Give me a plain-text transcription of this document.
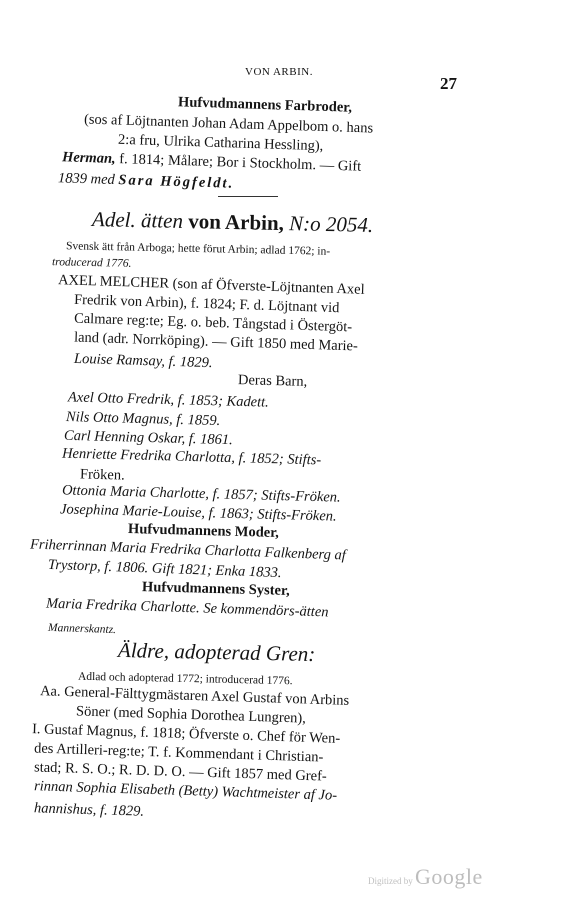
VON ARBIN.
27
Hufvudmannens Farbroder,
(sos af Löjtnanten Johan Adam Appelbom o. hans
2:a fru, Ulrika Catharina Hessling),
Herman, f. 1814; Målare; Bor i Stockholm. — Gift
1839 med Sara Högfeldt.
Adel. ätten von Arbin, N:o 2054.
Svensk ätt från Arboga; hette förut Arbin; adlad 1762; in-
troducerad 1776.
AXEL MELCHER (son af Öfverste-Löjtnanten Axel
Fredrik von Arbin), f. 1824; F. d. Löjtnant vid
Calmare reg:te; Eg. o. beb. Tångstad i Östergöt-
land (adr. Norrköping). — Gift 1850 med Marie-
Louise Ramsay, f. 1829.
Deras Barn,
Axel Otto Fredrik, f. 1853; Kadett.
Nils Otto Magnus, f. 1859.
Carl Henning Oskar, f. 1861.
Henriette Fredrika Charlotta, f. 1852; Stifts-
Fröken.
Ottonia Maria Charlotte, f. 1857; Stifts-Fröken.
Josephina Marie-Louise, f. 1863; Stifts-Fröken.
Hufvudmannens Moder,
Friherrinnan Maria Fredrika Charlotta Falkenberg af
Trystorp, f. 1806. Gift 1821; Enka 1833.
Hufvudmannens Syster,
Maria Fredrika Charlotte. Se kommendörs-ätten
Mannerskantz.
Äldre, adopterad Gren:
Adlad och adopterad 1772; introducerad 1776.
Aa. General-Fälttygmästaren Axel Gustaf von Arbins
Söner (med Sophia Dorothea Lungren),
I. Gustaf Magnus, f. 1818; Öfverste o. Chef för Wen-
des Artilleri-reg:te; T. f. Kommendant i Christian-
stad; R. S. O.; R. D. D. O. — Gift 1857 med Gref-
rinnan Sophia Elisabeth (Betty) Wachtmeister af Jo-
hannishus, f. 1829.
Digitized by Google
